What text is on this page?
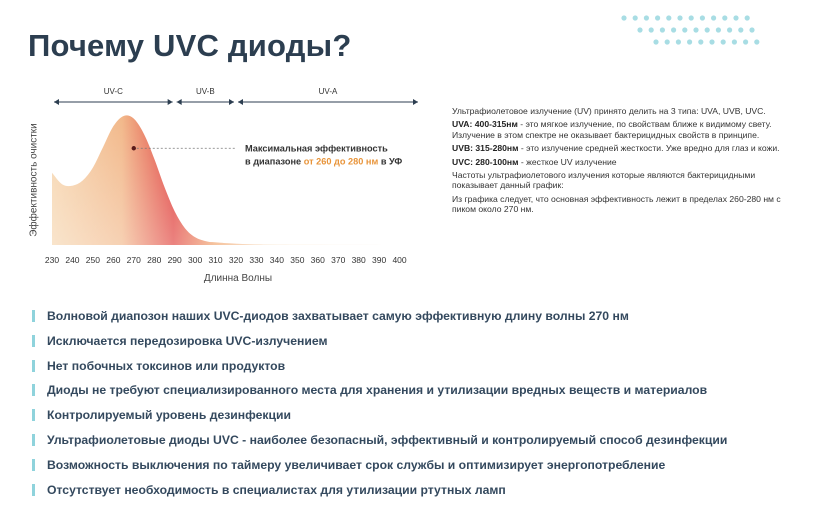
Почему UVC диоды?
UV-C	UV-B	UV-A
Максимальная эффективность
в диапазоне от 260 до 280 нм в УФ
230 240 250 260 270 280 290 300 310 320 330 340 350 360 370 380 390 400
Длинна Волны
Эффективность очистки

Ультрафиолетовое излучение (UV) принято делить на 3 типа: UVA, UVB, UVC.

UVA: 400-315нм - это мягкое излучение, по свойствам ближе к видимому свету. Излучение в этом спектре не оказывает бактерицидных свойств в принципе.

UVB: 315-280нм - это излучение средней жесткости. Уже вредно для глаз и кожи.

UVC: 280-100нм - жесткое UV излучение

Частоты ультрафиолетового излучения которые являются бактерицидными показывает данный график:

Из графика следует, что основная эффективность лежит в пределах 260-280 нм с пиком около 270 нм.

Волновой диапозон наших UVC-диодов захватывает самую эффективную длину волны 270 нм
Исключается передозировка UVC-излучением
Нет побочных токсинов или продуктов
Диоды не требуют специализированного места для хранения и утилизации вредных веществ и материалов
Контролируемый уровень дезинфекции
Ультрафиолетовые диоды UVC - наиболее безопасный, эффективный и контролируемый способ дезинфекции
Возможность выключения по таймеру увеличивает срок службы и оптимизирует энергопотребление
Отсутствует необходимость в специалистах для утилизации ртутных ламп
